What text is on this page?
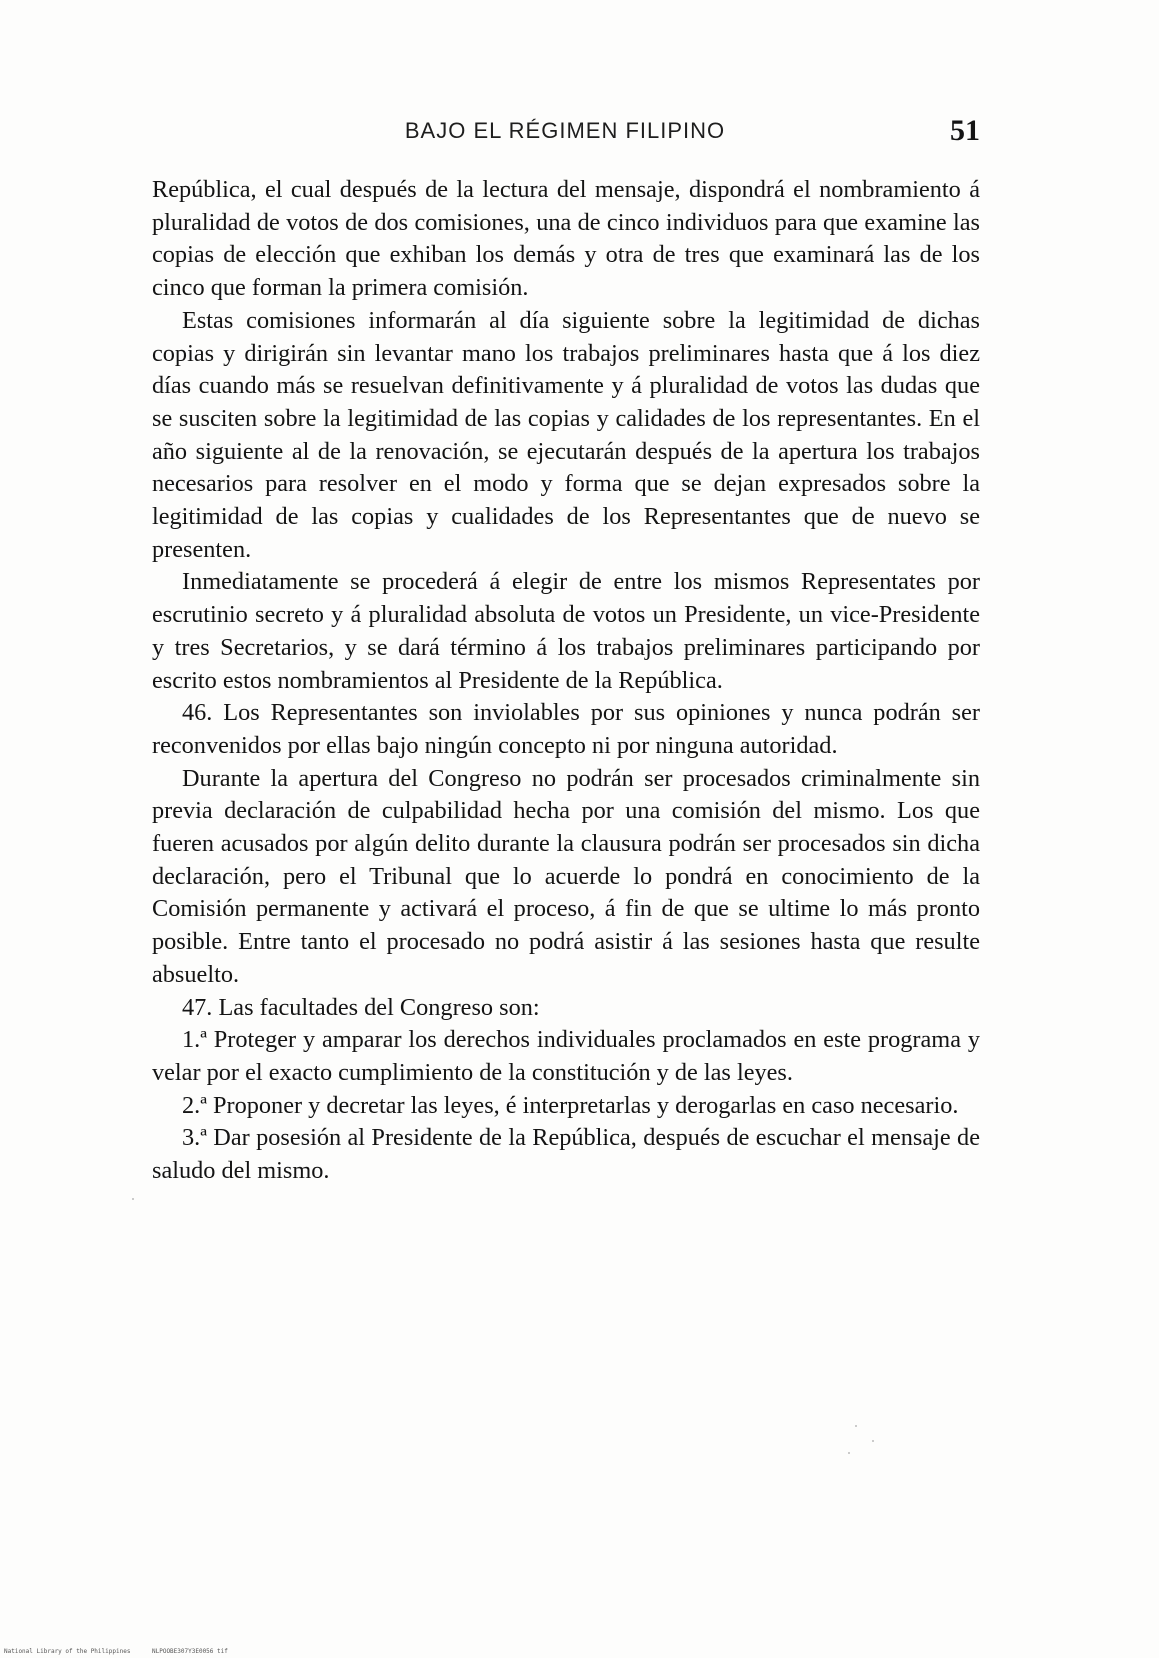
BAJO EL RÉGIMEN FILIPINO	51

República, el cual después de la lectura del mensaje, dispondrá el nombramiento á pluralidad de votos de dos comisiones, una de cinco individuos para que examine las copias de elección que exhiban los demás y otra de tres que examinará las de los cinco que forman la primera comisión.

Estas comisiones informarán al día siguiente sobre la legitimidad de dichas copias y dirigirán sin levantar mano los trabajos preliminares hasta que á los diez días cuando más se resuelvan definitivamente y á pluralidad de votos las dudas que se susciten sobre la legitimidad de las copias y calidades de los representantes. En el año siguiente al de la renovación, se ejecutarán después de la apertura los trabajos necesarios para resolver en el modo y forma que se dejan expresados sobre la legitimidad de las copias y cualidades de los Representantes que de nuevo se presenten.

Inmediatamente se procederá á elegir de entre los mismos Representates por escrutinio secreto y á pluralidad absoluta de votos un Presidente, un vice-Presidente y tres Secretarios, y se dará término á los trabajos preliminares participando por escrito estos nombramientos al Presidente de la República.

46. Los Representantes son inviolables por sus opiniones y nunca podrán ser reconvenidos por ellas bajo ningún concepto ni por ninguna autoridad.

Durante la apertura del Congreso no podrán ser procesados criminalmente sin previa declaración de culpabilidad hecha por una comisión del mismo. Los que fueren acusados por algún delito durante la clausura podrán ser procesados sin dicha declaración, pero el Tribunal que lo acuerde lo pondrá en conocimiento de la Comisión permanente y activará el proceso, á fin de que se ultime lo más pronto posible. Entre tanto el procesado no podrá asistir á las sesiones hasta que resulte absuelto.

47. Las facultades del Congreso son:

1.ª Proteger y amparar los derechos individuales proclamados en este programa y velar por el exacto cumplimiento de la constitución y de las leyes.

2.ª Proponer y decretar las leyes, é interpretarlas y derogarlas en caso necesario.

3.ª Dar posesión al Presidente de la República, después de escuchar el mensaje de saludo del mismo.

National Library of the Philippines	NLPOOBE307Y3E0056 tif
